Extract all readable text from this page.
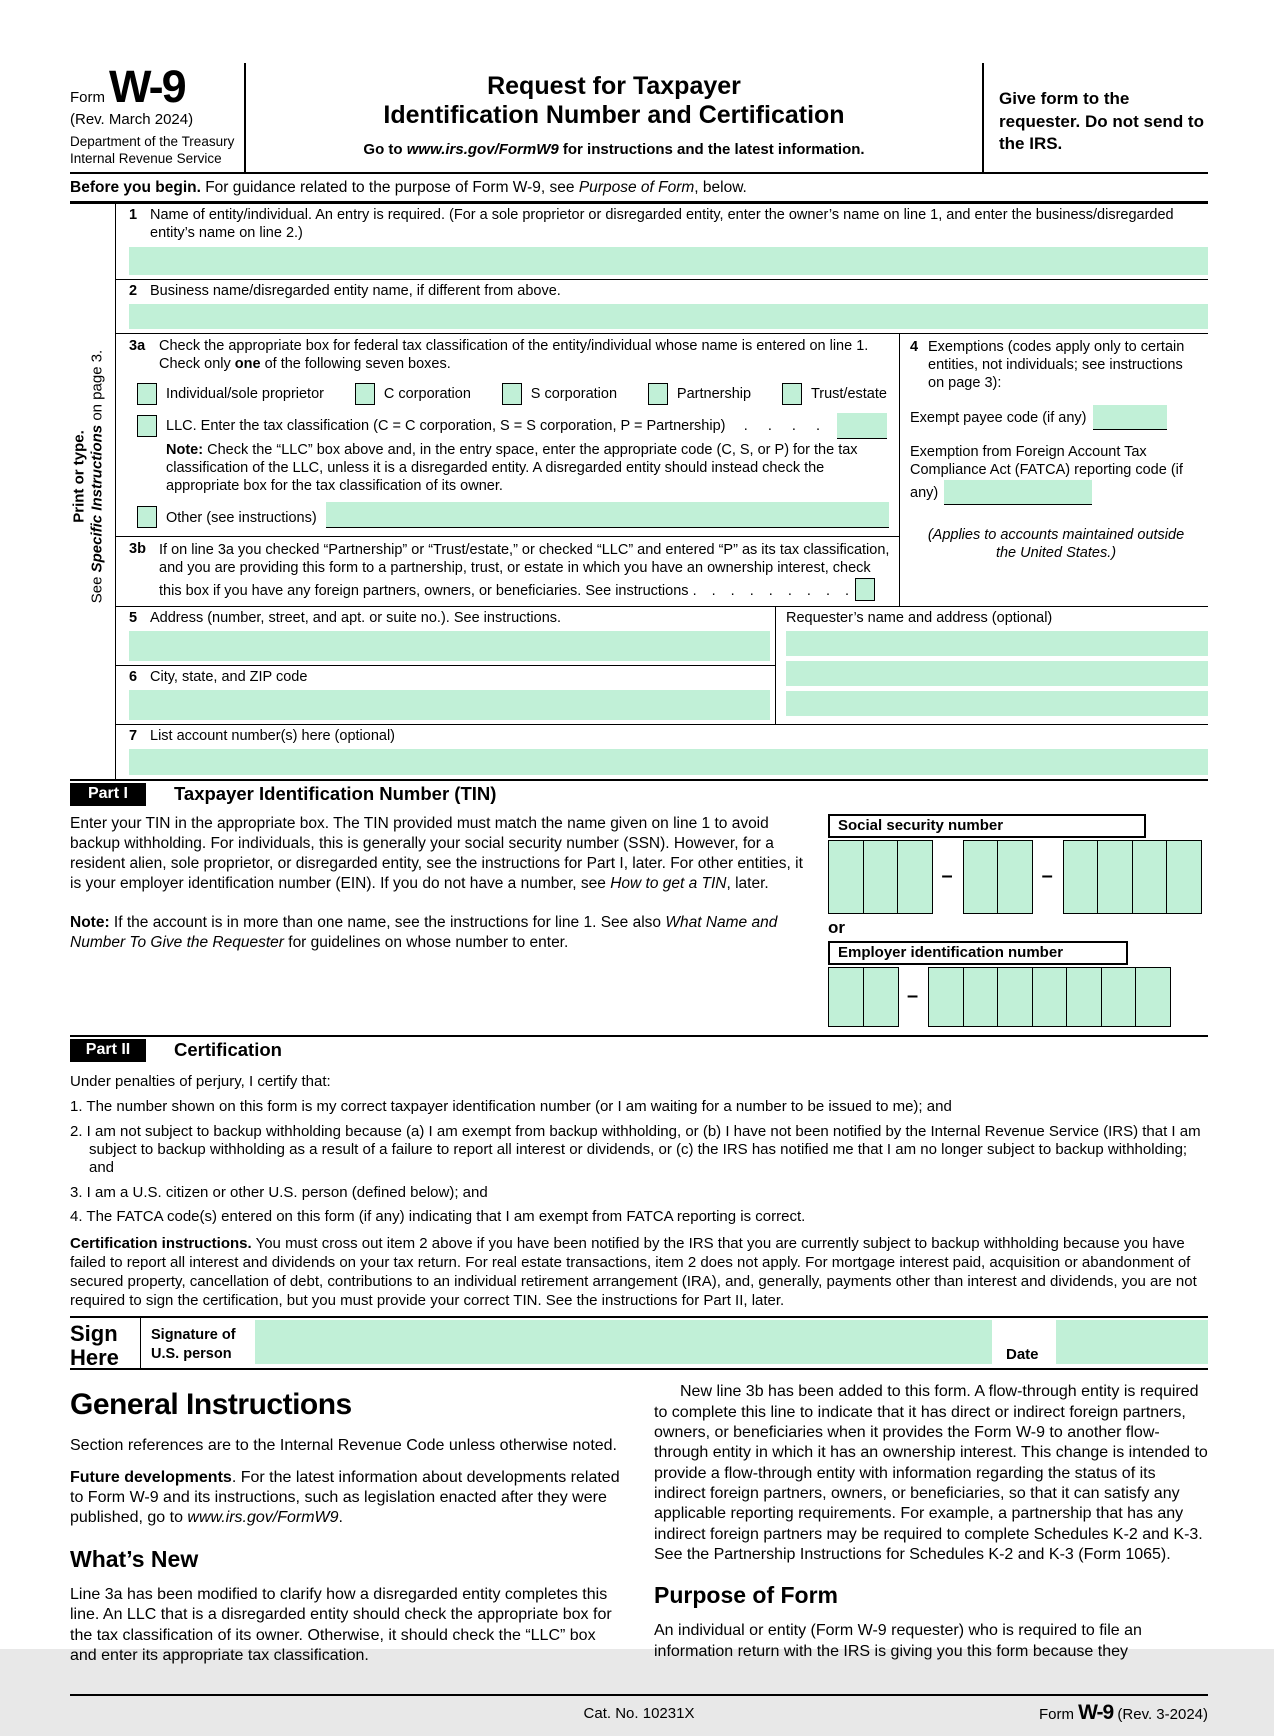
Form W-9
(Rev. March 2024)
Department of the Treasury
Internal Revenue Service
Request for Taxpayer
Identification Number and Certification
Go to www.irs.gov/FormW9 for instructions and the latest information.
Give form to the requester. Do not send to the IRS.
Before you begin. For guidance related to the purpose of Form W-9, see Purpose of Form, below.
Print or type.
See Specific Instructions on page 3.
1 Name of entity/individual. An entry is required. (For a sole proprietor or disregarded entity, enter the owner’s name on line 1, and enter the business/disregarded entity’s name on line 2.)
2 Business name/disregarded entity name, if different from above.
3a Check the appropriate box for federal tax classification of the entity/individual whose name is entered on line 1. Check only one of the following seven boxes.
Individual/sole proprietor	C corporation	S corporation	Partnership	Trust/estate
LLC. Enter the tax classification (C = C corporation, S = S corporation, P = Partnership) . . . .
Note: Check the “LLC” box above and, in the entry space, enter the appropriate code (C, S, or P) for the tax classification of the LLC, unless it is a disregarded entity. A disregarded entity should instead check the appropriate box for the tax classification of its owner.
Other (see instructions)
3b If on line 3a you checked “Partnership” or “Trust/estate,” or checked “LLC” and entered “P” as its tax classification, and you are providing this form to a partnership, trust, or estate in which you have an ownership interest, check this box if you have any foreign partners, owners, or beneficiaries. See instructions . . . . . . . . .
4 Exemptions (codes apply only to certain entities, not individuals; see instructions on page 3):
Exempt payee code (if any)
Exemption from Foreign Account Tax Compliance Act (FATCA) reporting code (if any)
(Applies to accounts maintained outside the United States.)
5 Address (number, street, and apt. or suite no.). See instructions.
6 City, state, and ZIP code
Requester’s name and address (optional)
7 List account number(s) here (optional)
Part I	Taxpayer Identification Number (TIN)
Enter your TIN in the appropriate box. The TIN provided must match the name given on line 1 to avoid backup withholding. For individuals, this is generally your social security number (SSN). However, for a resident alien, sole proprietor, or disregarded entity, see the instructions for Part I, later. For other entities, it is your employer identification number (EIN). If you do not have a number, see How to get a TIN, later.
Note: If the account is in more than one name, see the instructions for line 1. See also What Name and Number To Give the Requester for guidelines on whose number to enter.
Social security number
–	–
or
Employer identification number
–
Part II	Certification
Under penalties of perjury, I certify that:
1. The number shown on this form is my correct taxpayer identification number (or I am waiting for a number to be issued to me); and
2. I am not subject to backup withholding because (a) I am exempt from backup withholding, or (b) I have not been notified by the Internal Revenue Service (IRS) that I am subject to backup withholding as a result of a failure to report all interest or dividends, or (c) the IRS has notified me that I am no longer subject to backup withholding; and
3. I am a U.S. citizen or other U.S. person (defined below); and
4. The FATCA code(s) entered on this form (if any) indicating that I am exempt from FATCA reporting is correct.
Certification instructions. You must cross out item 2 above if you have been notified by the IRS that you are currently subject to backup withholding because you have failed to report all interest and dividends on your tax return. For real estate transactions, item 2 does not apply. For mortgage interest paid, acquisition or abandonment of secured property, cancellation of debt, contributions to an individual retirement arrangement (IRA), and, generally, payments other than interest and dividends, you are not required to sign the certification, but you must provide your correct TIN. See the instructions for Part II, later.
Sign
Here
Signature of
U.S. person	Date
General Instructions
Section references are to the Internal Revenue Code unless otherwise noted.
Future developments. For the latest information about developments related to Form W-9 and its instructions, such as legislation enacted after they were published, go to www.irs.gov/FormW9.
What’s New
Line 3a has been modified to clarify how a disregarded entity completes this line. An LLC that is a disregarded entity should check the appropriate box for the tax classification of its owner. Otherwise, it should check the “LLC” box and enter its appropriate tax classification.
New line 3b has been added to this form. A flow-through entity is required to complete this line to indicate that it has direct or indirect foreign partners, owners, or beneficiaries when it provides the Form W-9 to another flow-through entity in which it has an ownership interest. This change is intended to provide a flow-through entity with information regarding the status of its indirect foreign partners, owners, or beneficiaries, so that it can satisfy any applicable reporting requirements. For example, a partnership that has any indirect foreign partners may be required to complete Schedules K-2 and K-3. See the Partnership Instructions for Schedules K-2 and K-3 (Form 1065).
Purpose of Form
An individual or entity (Form W-9 requester) who is required to file an information return with the IRS is giving you this form because they
Cat. No. 10231X	Form W-9 (Rev. 3-2024)
